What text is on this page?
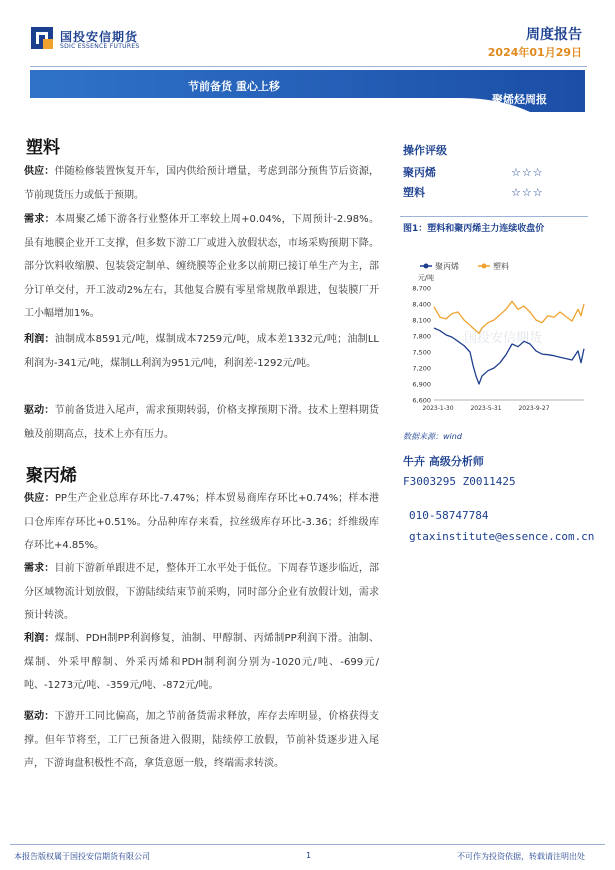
国投安信期货
SDIC ESSENCE FUTURES
周度报告
2024年01月29日
节前备货 重心上移
聚烯烃周报
塑料
供应：伴随检修装置恢复开车，国内供给预计增量，考虑到部分预售节后资源，节前现货压力或低于预期。
需求：本周聚乙烯下游各行业整体开工率较上周+0.04%，下周预计-2.98%。虽有地膜企业开工支撑，但多数下游工厂或进入放假状态，市场采购预期下降。部分饮料收缩膜、包装袋定制单、缠绕膜等企业多以前期已接订单生产为主，部分订单交付，开工波动2%左右，其他复合膜有零星常规散单跟进，包装膜厂开工小幅增加1%。
利润：油制成本8591元/吨，煤制成本7259元/吨，成本差1332元/吨；油制LL利润为-341元/吨，煤制LL利润为951元/吨，利润差-1292元/吨。
驱动：节前备货进入尾声，需求预期转弱，价格支撑预期下滑。技术上塑料期货触及前期高点，技术上亦有压力。
聚丙烯
供应：PP生产企业总库存环比-7.47%；样本贸易商库存环比+0.74%；样本港口仓库库存环比+0.51%。分品种库存来看，拉丝级库存环比-3.36；纤维级库存环比+4.85%。
需求：目前下游新单跟进不足，整体开工水平处于低位。下周春节逐步临近，部分区域物流计划放假，下游陆续结束节前采购，同时部分企业有放假计划，需求预计转淡。
利润：煤制、PDH制PP利润修复，油制、甲醇制、丙烯制PP利润下滑。油制、煤制、外采甲醇制、外采丙烯和PDH制利润分别为-1020元/吨、-699元/吨、-1273元/吨、-359元/吨、-872元/吨。
驱动：下游开工同比偏高，加之节前备货需求释放，库存去库明显，价格获得支撑。但年节将至，工厂已预备进入假期，陆续停工放假，节前补货逐步进入尾声，下游询盘积极性不高，拿货意愿一般，终端需求转淡。
操作评级
聚丙烯	☆☆☆
塑料	☆☆☆
图1：塑料和聚丙烯主力连续收盘价
聚丙烯	塑料
元/吨
国投安信期货
6,600
6,900
7,200
7,500
7,800
8,100
8,400
8,700
2023-1-30	2023-5-31	2023-9-27
数据来源：wind
牛卉 高级分析师
F3003295 Z0011425
010-58747784
gtaxinstitute@essence.com.cn
本报告版权属于国投安信期货有限公司	1	不可作为投资依据，转载请注明出处
